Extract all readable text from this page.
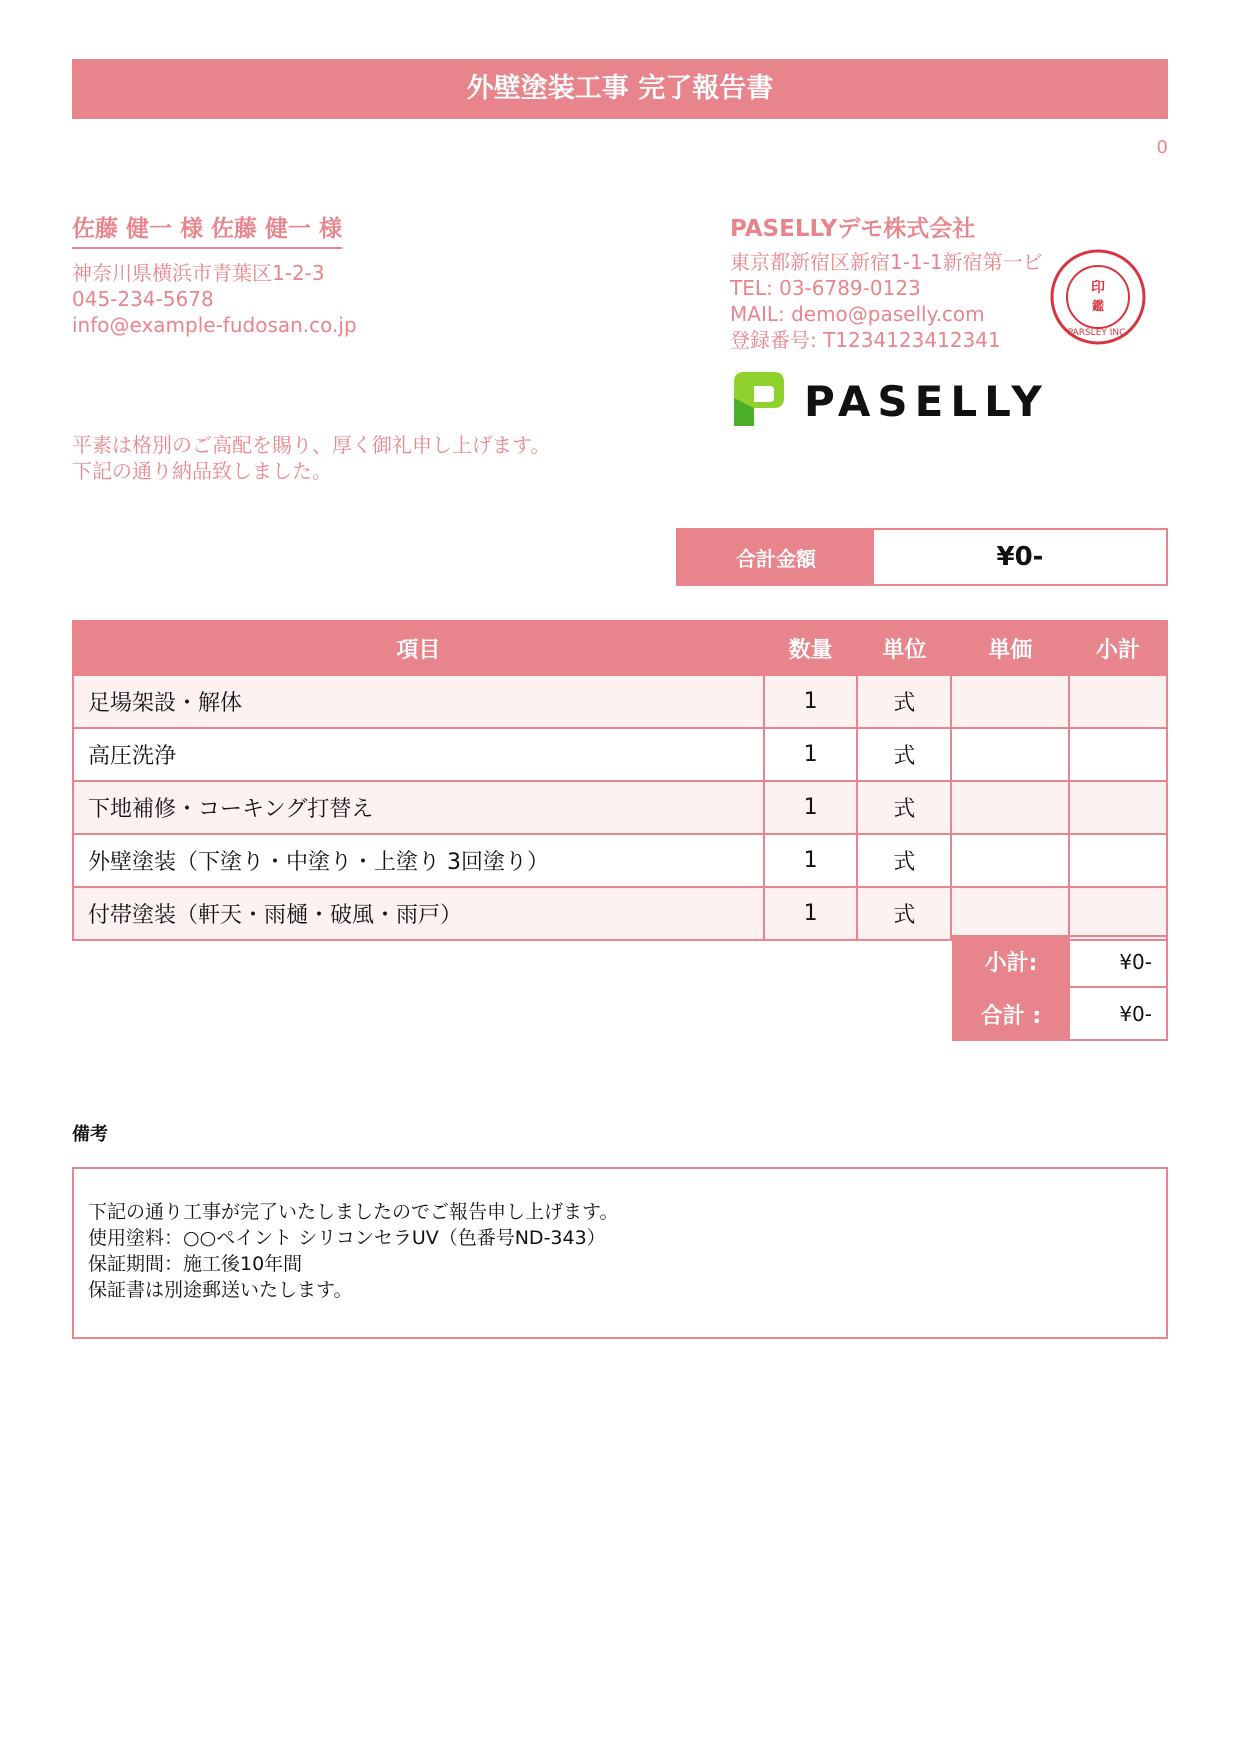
外壁塗装工事 完了報告書
0
佐藤 健一 様 佐藤 健一 様
神奈川県横浜市青葉区1-2-3
045-234-5678
info@example-fudosan.co.jp
平素は格別のご高配を賜り、厚く御礼申し上げます。
下記の通り納品致しました。
PASELLYデモ株式会社
東京都新宿区新宿1-1-1新宿第一ビ
TEL: 03-6789-0123
MAIL: demo@paselly.com
登録番号: T1234123412341
印
鑑
PARSLEY INC.
PASELLY
合計金額	¥0-
項目	数量	単位	単価	小計
足場架設・解体	1	式		
高圧洗浄	1	式		
下地補修・コーキング打替え	1	式		
外壁塗装（下塗り・中塗り・上塗り 3回塗り）	1	式		
付帯塗装（軒天・雨樋・破風・雨戸）	1	式		
小計:	¥0-
合計 :	¥0-
備考
下記の通り工事が完了いたしましたのでご報告申し上げます。
使用塗料：○○ペイント シリコンセラUV（色番号ND-343）
保証期間：施工後10年間
保証書は別途郵送いたします。
